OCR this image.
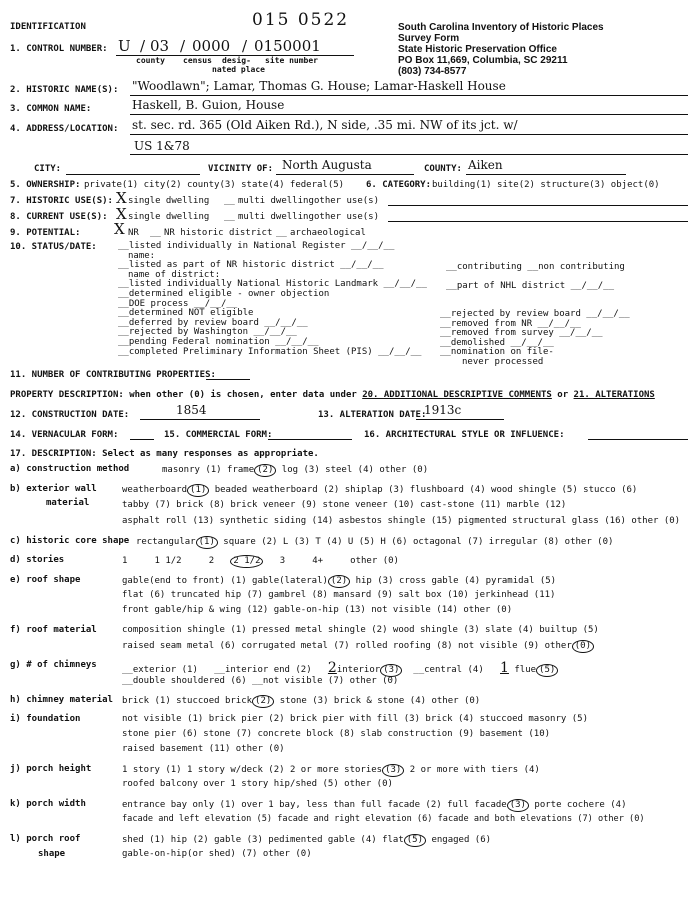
IDENTIFICATION	015 0522	South Carolina Inventory of Historic Places
Survey Form
State Historic Preservation Office
PO Box 11,669, Columbia, SC 29211
(803) 734-8577
1. CONTROL NUMBER: U / 03 / 0000 / 0150001
county census desig- site number
nated place
2. HISTORIC NAME(S): "Woodlawn"; Lamar, Thomas G. House; Lamar-Haskell House
3. COMMON NAME:	Haskell, B. Guion, House
4. ADDRESS/LOCATION: st. sec. rd. 365 (Old Aiken Rd.), N side, .35 mi. NW of its jct. w/
US 1&78
CITY:	VICINITY OF: North Augusta	COUNTY: Aiken
5. OWNERSHIP: private(1) city(2) county(3) state(4) federal(5) 6. CATEGORY: building(1) site(2) structure(3) object(0)
7. HISTORIC USE(S): X single dwelling __ multi dwelling other use(s)
8. CURRENT USE(S): X single dwelling __ multi dwelling other use(s)
9. POTENTIAL: X NR __ NR historic district __ archaeological
10. STATUS/DATE: __listed individually in National Register __/__/__
name:
__listed as part of NR historic district __/__/__
name of district:
__listed individually National Historic Landmark __/__/__
__determined eligible - owner objection
__DOE process __/__/__
__determined NOT eligible
__deferred by review board __/__/__
__rejected by Washington __/__/__
__pending Federal nomination __/__/__
__completed Preliminary Information Sheet (PIS) __/__/__
__contributing __non contributing
__part of NHL district __/__/__
__rejected by review board __/__/__
__removed from NR __/__/__
__removed from survey __/__/__
__demolished __/__/__
__nomination on file-
never processed
11. NUMBER OF CONTRIBUTING PROPERTIES:
PROPERTY DESCRIPTION: when other (0) is chosen, enter data under 20. ADDITIONAL DESCRIPTIVE COMMENTS or 21. ALTERATIONS
12. CONSTRUCTION DATE:	1854	13. ALTERATION DATE:
1913c
14. VERNACULAR FORM:	15. COMMERCIAL FORM:	16. ARCHITECTURAL STYLE OR INFLUENCE:
17. DESCRIPTION: Select as many responses as appropriate.
a) construction method	masonry (1) frame (2) log (3) steel (4) other (0)
b) exterior wall
material
weatherboard (1) beaded weatherboard (2) shiplap (3) flushboard (4) wood shingle (5) stucco (6)
tabby (7) brick (8) brick veneer (9) stone veneer (10) cast-stone (11) marble (12)
asphalt roll (13) synthetic siding (14) asbestos shingle (15) pigmented structural glass (16) other (0)
c) historic core shape rectangular (1) square (2) L (3) T (4) U (5) H (6) octagonal (7) irregular (8) other (0)
d) stories	1     1 1/2     2 2 1/2   3     4+     other (0)
e) roof shape	gable(end to front) (1) gable(lateral) (2) hip (3) cross gable (4) pyramidal (5)
flat (6) truncated hip (7) gambrel (8) mansard (9) salt box (10) jerkinhead (11)
front gable/hip & wing (12) gable-on-hip (13) not visible (14) other (0)
f) roof material	composition shingle (1) pressed metal shingle (2) wood shingle (3) slate (4) builtup (5)
raised seam metal (6) corrugated metal (7) rolled roofing (8) not visible (9) other (0)
g) # of chimneys	__exterior (1)   __interior end (2) 2interior (3)  __central (4) 1 flue (5)
__double shouldered (6) __not visible (7) other (0)
h) chimney material brick (1) stuccoed brick (2) stone (3) brick & stone (4) other (0)
i) foundation	not visible (1) brick pier (2) brick pier with fill (3) brick (4) stuccoed masonry (5)
stone pier (6) stone (7) concrete block (8) slab construction (9) basement (10)
raised basement (11) other (0)
j) porch height	1 story (1) 1 story w/deck (2) 2 or more stories (3) 2 or more with tiers (4)
roofed balcony over 1 story hip/shed (5) other (0)
k) porch width	entrance bay only (1) over 1 bay, less than full facade (2) full facade (3) porte cochere (4)
facade and left elevation (5) facade and right elevation (6) facade and both elevations (7) other (0)
l) porch roof
shape
shed (1) hip (2) gable (3) pedimented gable (4) flat (5) engaged (6)
gable-on-hip(or shed) (7) other (0)
